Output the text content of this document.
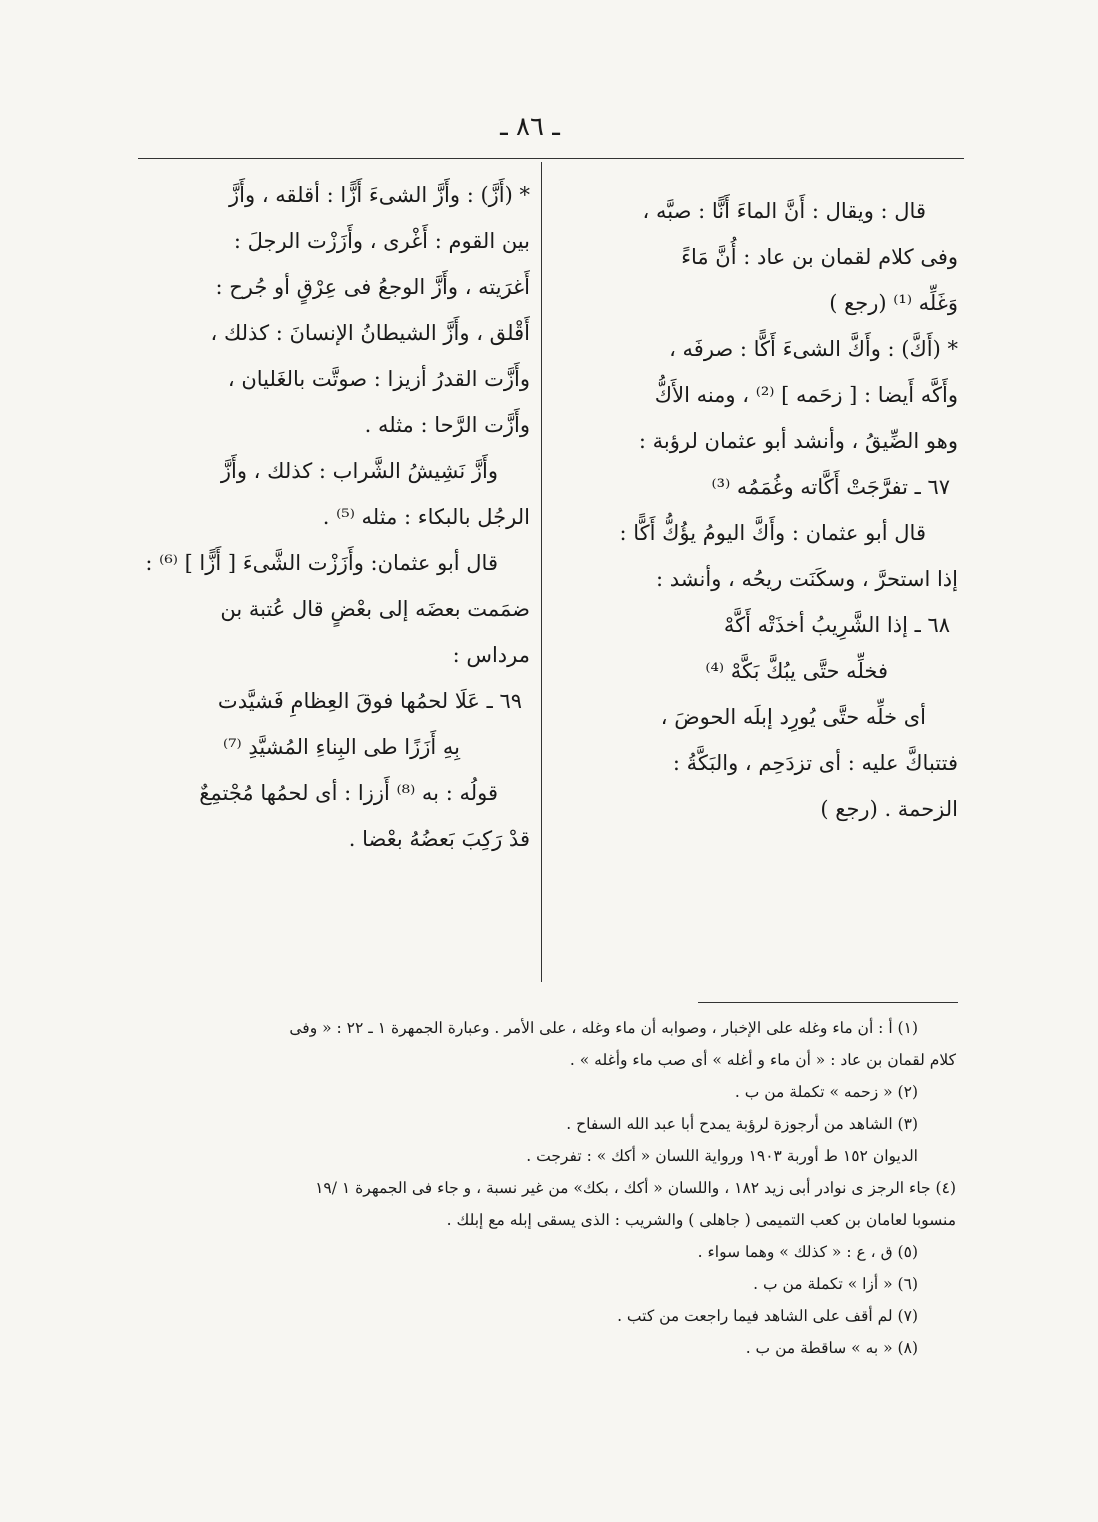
ـ ٨٦ ـ
قال : ويقال : أَنَّ الماءَ أَنًّا : صبَّه ،
وفى كلام لقمان بن عاد : أُنَّ مَاءً
وَغَلِّه ⁽¹⁾ (رجع )
* (أَكَّ) : وأَكَّ الشىءَ أَكًّا : صرفَه ،
وأَكَّه أَيضا : [ زحَمه ] ⁽²⁾ ، ومنه الأَكُّ
وهو الضِّيقُ ، وأنشد أبو عثمان لرؤبة :
٦٧ ـ تفرَّجَتْ أَكَّاته وغُمَمُه ⁽³⁾
قال أبو عثمان : وأَكَّ اليومُ يؤُكُّ أَكًّا :
إذا استحرَّ ، وسكَنَت ريحُه ، وأنشد :
٦٨ ـ إذا الشَّرِيبُ أخذَتْه أَكَّهْ
فخلِّه حتَّى يبُكَّ بَكَّهْ ⁽⁴⁾
أى خلِّه حتَّى يُورِد إبلَه الحوضَ ،
فتتباكَّ عليه : أى تزدَحِم ، والبَكَّةُ :
الزحمة . (رجع )
* (أَزَّ) : وأَزَّ الشىءَ أَزًّا : أقلقه ، وأَزَّ
بين القوم : أَغْرى ، وأَزَزْت الرجلَ :
أَغرَيته ، وأَزَّ الوجعُ فى عِرْقٍ أو جُرح :
أَقْلق ، وأَزَّ الشيطانُ الإنسانَ : كذلك ،
وأَزَّت القدرُ أزيزا : صوتَّت بالغَليان ،
وأَزَّت الرَّحا : مثله .
وأَزَّ نَشِيشُ الشَّراب : كذلك ، وأَزَّ
الرجُل بالبكاء : مثله ⁽⁵⁾ .
قال أبو عثمان: وأَزَزْت الشَّىءَ [ أَزًّا ] ⁽⁶⁾ :
ضمَمت بعضَه إلى بعْضٍ قال عُتبة بن
مرداس :
٦٩ ـ عَلَا لحمُها فوقَ العِظامِ فَشيَّدت
بِهِ أَزَزًا طى البِناءِ المُشيَّدِ ⁽⁷⁾
قولُه : به ⁽⁸⁾ أَززا : أى لحمُها مُجْتمِعٌ
قدْ رَكِبَ بَعضُهُ بعْضا .
(١) أ : أن ماء وغله على الإخبار ، وصوابه أن ماء وغله ، على الأمر . وعبارة الجمهرة ١ ـ ٢٢ : « وفى
كلام لقمان بن عاد : « أن ماء و أغله » أى صب ماء وأغله » .
(٢) « زحمه » تكملة من ب .
(٣) الشاهد من أرجوزة لرؤبة يمدح أبا عبد الله السفاح .
الديوان ١٥٢ ط أوربة ١٩٠٣ ورواية اللسان « أكك » : تفرجت .
(٤) جاء الرجز ى نوادر أبى زيد ١٨٢ ، واللسان « أكك ، بكك» من غير نسبة ، و جاء فى الجمهرة ١ /١٩
منسوبا لعامان بن كعب التميمى ( جاهلى ) والشريب : الذى يسقى إبله مع إبلك .
(٥) ق ، ع : « كذلك » وهما سواء .
(٦) « أزا » تكملة من ب .
(٧) لم أقف على الشاهد فيما راجعت من كتب .
(٨) « به » ساقطة من ب .
